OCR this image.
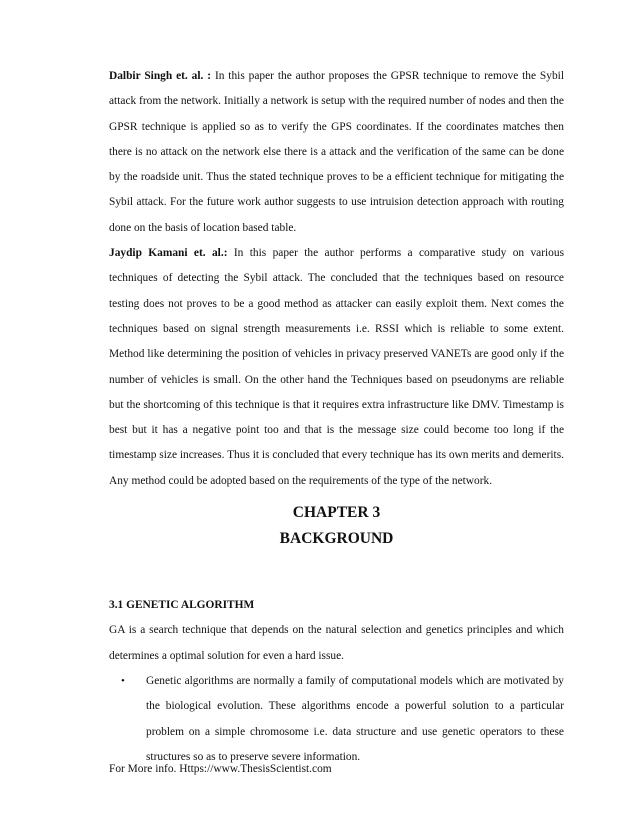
Dalbir Singh et. al. : In this paper the author proposes the GPSR technique to remove the Sybil attack from the network. Initially a network is setup with the required number of nodes and then the GPSR technique is applied so as to verify the GPS coordinates. If the coordinates matches then there is no attack on the network else there is a attack and the verification of the same can be done by the roadside unit. Thus the stated technique proves to be a efficient technique for mitigating the Sybil attack. For the future work author suggests to use intruision detection approach with routing done on the basis of location based table.

Jaydip Kamani et. al.: In this paper the author performs a comparative study on various techniques of detecting the Sybil attack. The concluded that the techniques based on resource testing does not proves to be a good method as attacker can easily exploit them. Next comes the techniques based on signal strength measurements i.e. RSSI which is reliable to some extent. Method like determining the position of vehicles in privacy preserved VANETs are good only if the number of vehicles is small. On the other hand the Techniques based on pseudonyms are reliable but the shortcoming of this technique is that it requires extra infrastructure like DMV. Timestamp is best but it has a negative point too and that is the message size could become too long if the timestamp size increases. Thus it is concluded that every technique has its own merits and demerits. Any method could be adopted based on the requirements of the type of the network.

CHAPTER 3
BACKGROUND
3.1 GENETIC ALGORITHM

GA is a search technique that depends on the natural selection and genetics principles and which determines a optimal solution for even a hard issue.

• Genetic algorithms are normally a family of computational models which are motivated by the biological evolution. These algorithms encode a powerful solution to a particular problem on a simple chromosome i.e. data structure and use genetic operators to these structures so as to preserve severe information.
For More info. Https://www.ThesisScientist.com
